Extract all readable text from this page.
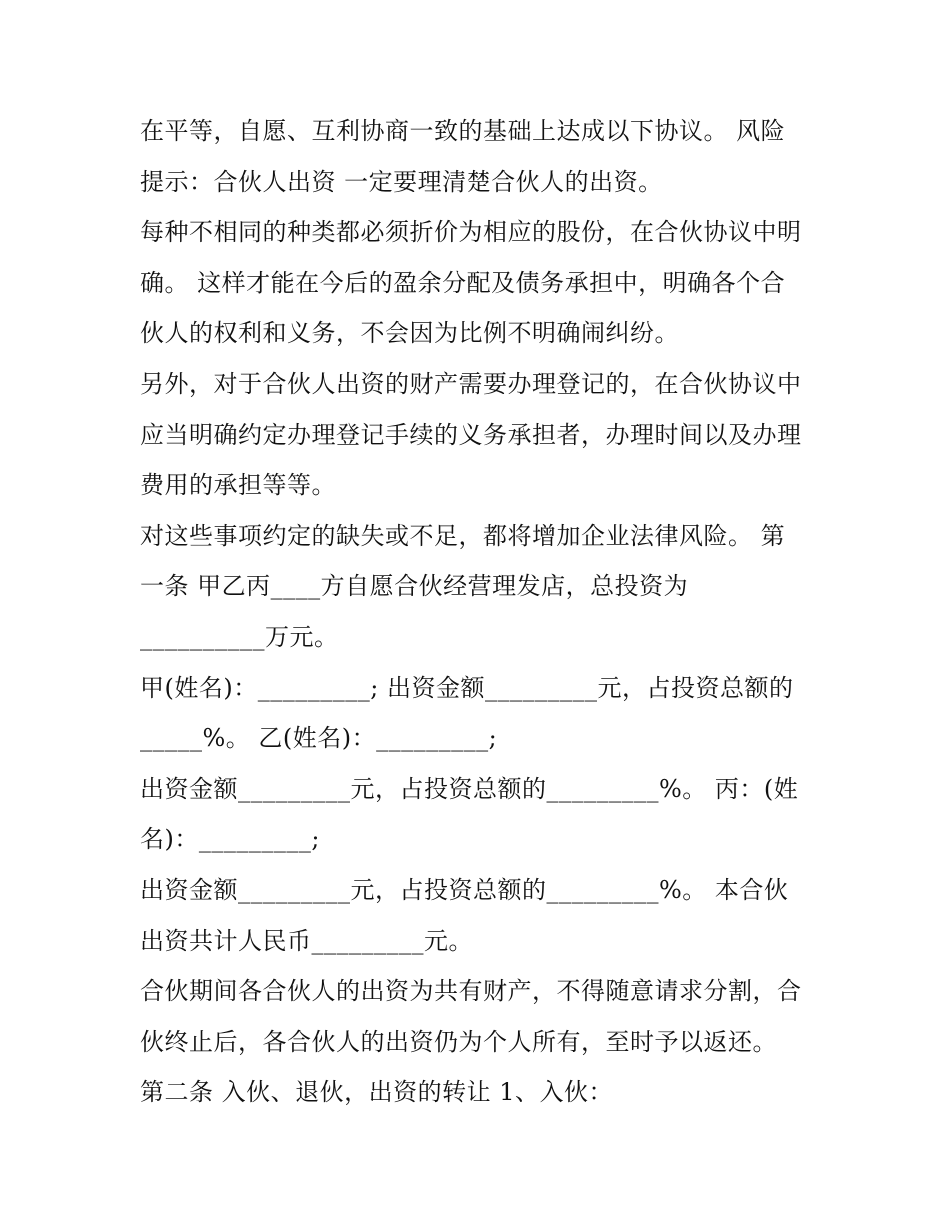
在平等，自愿、互利协商一致的基础上达成以下协议。 风险

提示：合伙人出资 一定要理清楚合伙人的出资。

每种不相同的种类都必须折价为相应的股份，在合伙协议中明

确。 这样才能在今后的盈余分配及债务承担中，明确各个合

伙人的权利和义务，不会因为比例不明确闹纠纷。

另外，对于合伙人出资的财产需要办理登记的，在合伙协议中

应当明确约定办理登记手续的义务承担者，办理时间以及办理

费用的承担等等。

对这些事项约定的缺失或不足，都将增加企业法律风险。 第

一条 甲乙丙____方自愿合伙经营理发店，总投资为

__________万元。

甲(姓名)：_________; 出资金额_________元，占投资总额的

_____%。 乙(姓名)：_________;

出资金额_________元，占投资总额的_________%。 丙：(姓

名)：_________;

出资金额_________元，占投资总额的_________%。 本合伙

出资共计人民币_________元。

合伙期间各合伙人的出资为共有财产，不得随意请求分割，合

伙终止后，各合伙人的出资仍为个人所有，至时予以返还。

第二条 入伙、退伙，出资的转让 1、入伙：
